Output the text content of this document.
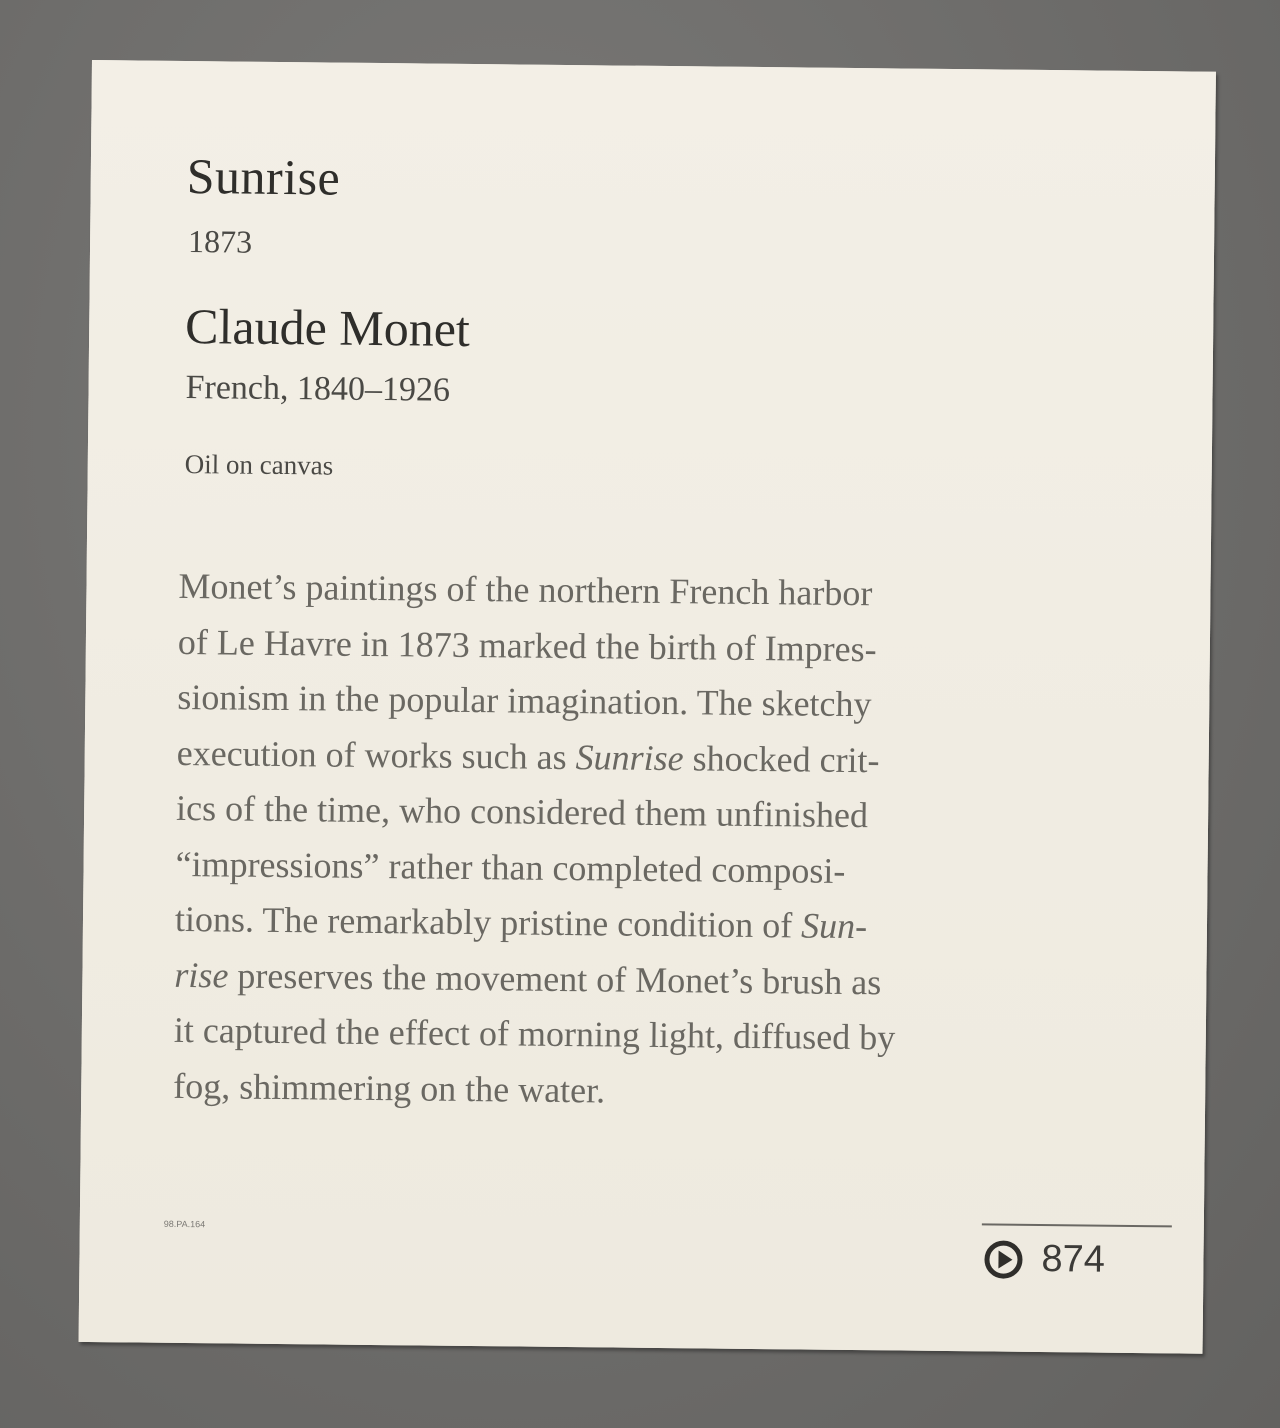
Sunrise
1873
Claude Monet
French, 1840–1926
Oil on canvas
Monet’s paintings of the northern French harbor
of Le Havre in 1873 marked the birth of Impres-
sionism in the popular imagination. The sketchy
execution of works such as Sunrise shocked crit-
ics of the time, who considered them unfinished
“impressions” rather than completed composi-
tions. The remarkably pristine condition of Sun-
rise preserves the movement of Monet’s brush as
it captured the effect of morning light, diffused by
fog, shimmering on the water.
98.PA.164
874
